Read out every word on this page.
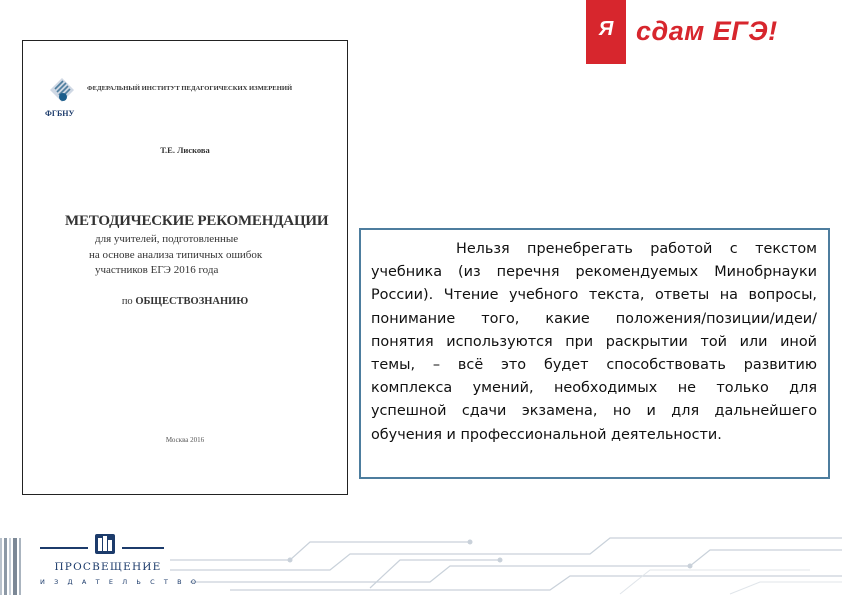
ФГБНУ
ФЕДЕРАЛЬНЫЙ ИНСТИТУТ ПЕДАГОГИЧЕСКИХ ИЗМЕРЕНИЙ
Т.Е. Лискова
МЕТОДИЧЕСКИЕ РЕКОМЕНДАЦИИ
для учителей, подготовленные
на основе анализа типичных ошибок
участников ЕГЭ 2016 года
по ОБЩЕСТВОЗНАНИЮ
Москва 2016
Я сдам ЕГЭ!

Нельзя пренебрегать работой с текстом учебника (из перечня рекомендуемых Минобрнауки России). Чтение учебного текста, ответы на вопросы, понимание того, какие положения/позиции/идеи/ понятия используются при раскрытии той или иной темы, – всё это будет способствовать развитию комплекса умений, необходимых не только для успешной сдачи экзамена, но и для дальнейшего обучения и профессиональной деятельности.

ПРОСВЕЩЕНИЕ
И З Д А Т Е Л Ь С Т В О
